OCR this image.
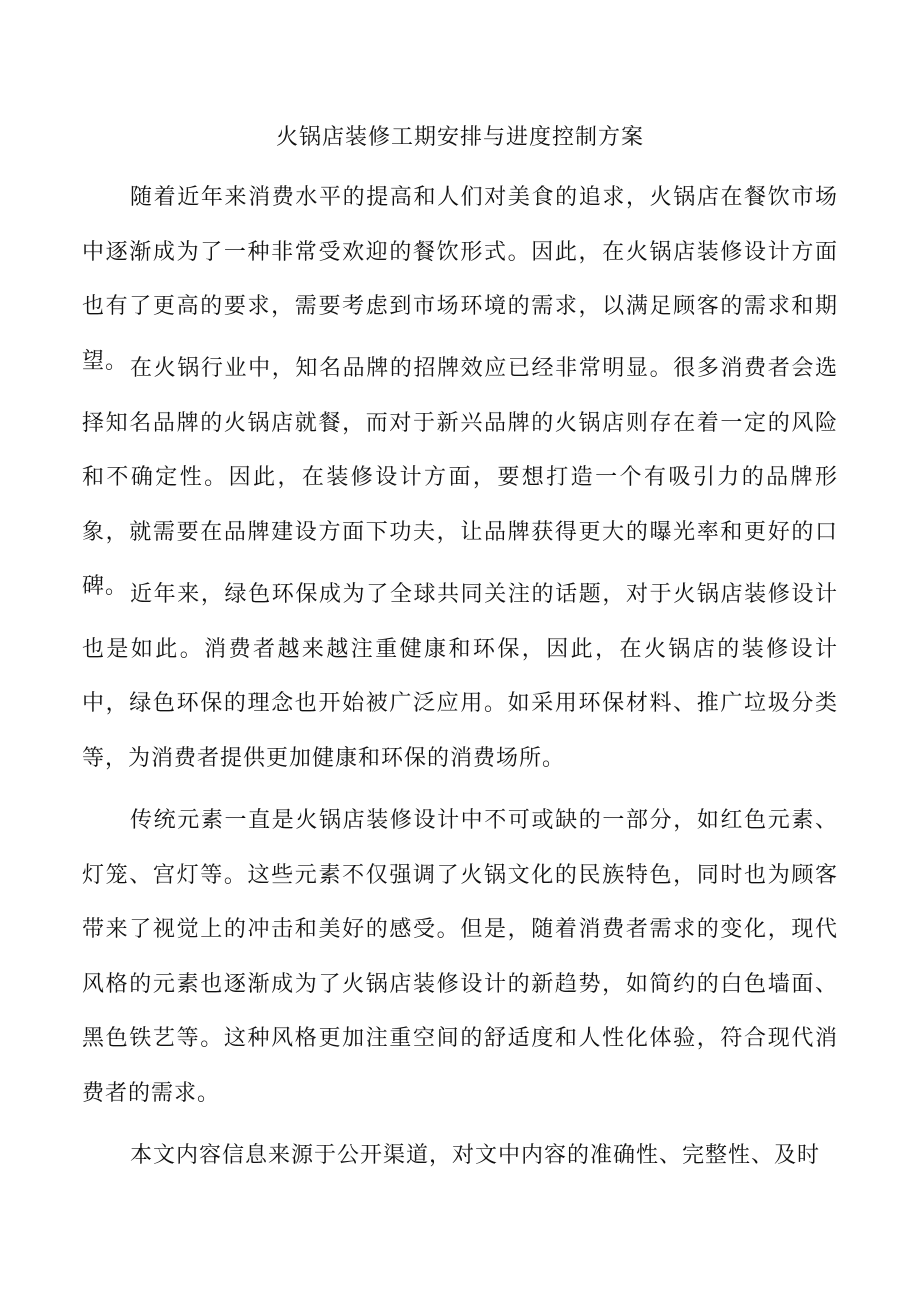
火锅店装修工期安排与进度控制方案

随着近年来消费水平的提高和人们对美食的追求，火锅店在餐饮市场中逐渐成为了一种非常受欢迎的餐饮形式。因此，在火锅店装修设计方面也有了更高的要求，需要考虑到市场环境的需求，以满足顾客的需求和期望。 在火锅行业中，知名品牌的招牌效应已经非常明显。很多消费者会选择知名品牌的火锅店就餐，而对于新兴品牌的火锅店则存在着一定的风险和不确定性。因此，在装修设计方面，要想打造一个有吸引力的品牌形象，就需要在品牌建设方面下功夫，让品牌获得更大的曝光率和更好的口碑。 近年来，绿色环保成为了全球共同关注的话题，对于火锅店装修设计也是如此。消费者越来越注重健康和环保，因此，在火锅店的装修设计中，绿色环保的理念也开始被广泛应用。如采用环保材料、推广垃圾分类等，为消费者提供更加健康和环保的消费场所。

传统元素一直是火锅店装修设计中不可或缺的一部分，如红色元素、灯笼、宫灯等。这些元素不仅强调了火锅文化的民族特色，同时也为顾客带来了视觉上的冲击和美好的感受。但是，随着消费者需求的变化，现代风格的元素也逐渐成为了火锅店装修设计的新趋势，如简约的白色墙面、黑色铁艺等。这种风格更加注重空间的舒适度和人性化体验，符合现代消费者的需求。

本文内容信息来源于公开渠道，对文中内容的准确性、完整性、及时
